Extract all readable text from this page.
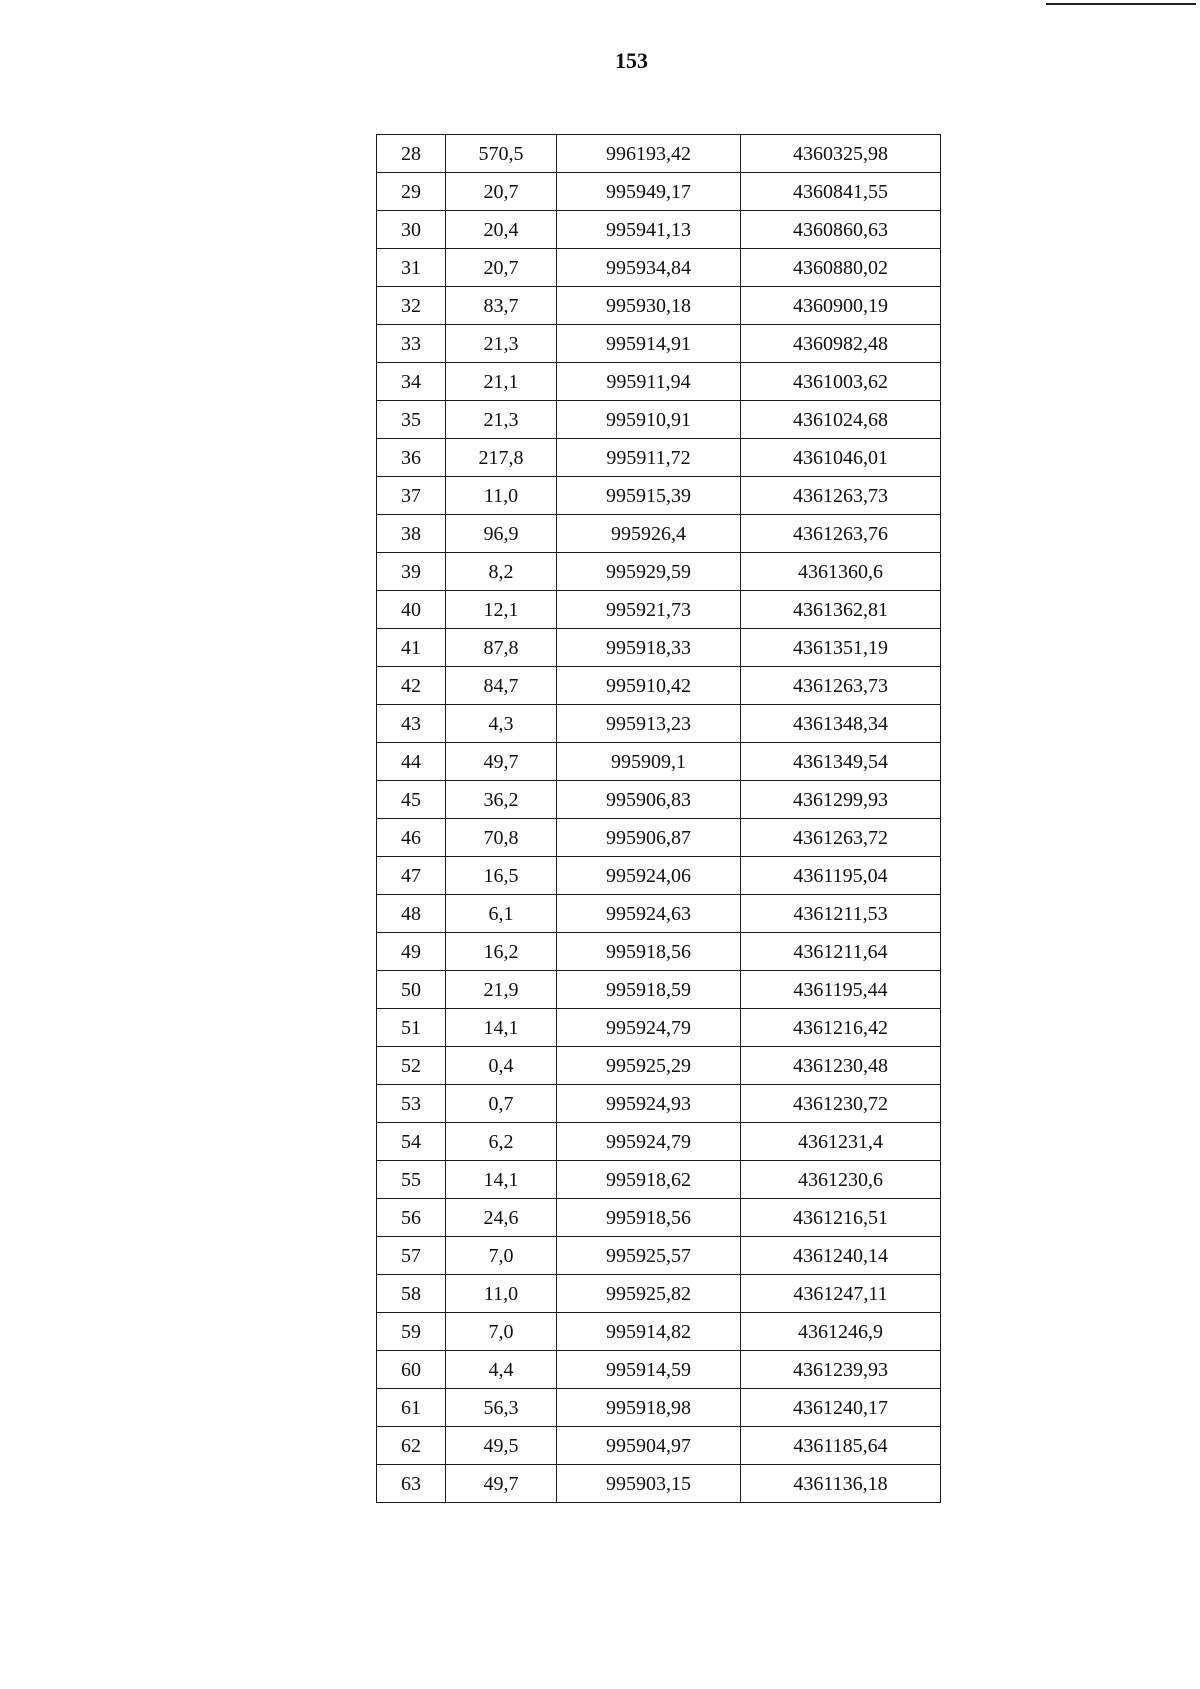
153
28	570,5	996193,42	4360325,98
29	20,7	995949,17	4360841,55
30	20,4	995941,13	4360860,63
31	20,7	995934,84	4360880,02
32	83,7	995930,18	4360900,19
33	21,3	995914,91	4360982,48
34	21,1	995911,94	4361003,62
35	21,3	995910,91	4361024,68
36	217,8	995911,72	4361046,01
37	11,0	995915,39	4361263,73
38	96,9	995926,4	4361263,76
39	8,2	995929,59	4361360,6
40	12,1	995921,73	4361362,81
41	87,8	995918,33	4361351,19
42	84,7	995910,42	4361263,73
43	4,3	995913,23	4361348,34
44	49,7	995909,1	4361349,54
45	36,2	995906,83	4361299,93
46	70,8	995906,87	4361263,72
47	16,5	995924,06	4361195,04
48	6,1	995924,63	4361211,53
49	16,2	995918,56	4361211,64
50	21,9	995918,59	4361195,44
51	14,1	995924,79	4361216,42
52	0,4	995925,29	4361230,48
53	0,7	995924,93	4361230,72
54	6,2	995924,79	4361231,4
55	14,1	995918,62	4361230,6
56	24,6	995918,56	4361216,51
57	7,0	995925,57	4361240,14
58	11,0	995925,82	4361247,11
59	7,0	995914,82	4361246,9
60	4,4	995914,59	4361239,93
61	56,3	995918,98	4361240,17
62	49,5	995904,97	4361185,64
63	49,7	995903,15	4361136,18
